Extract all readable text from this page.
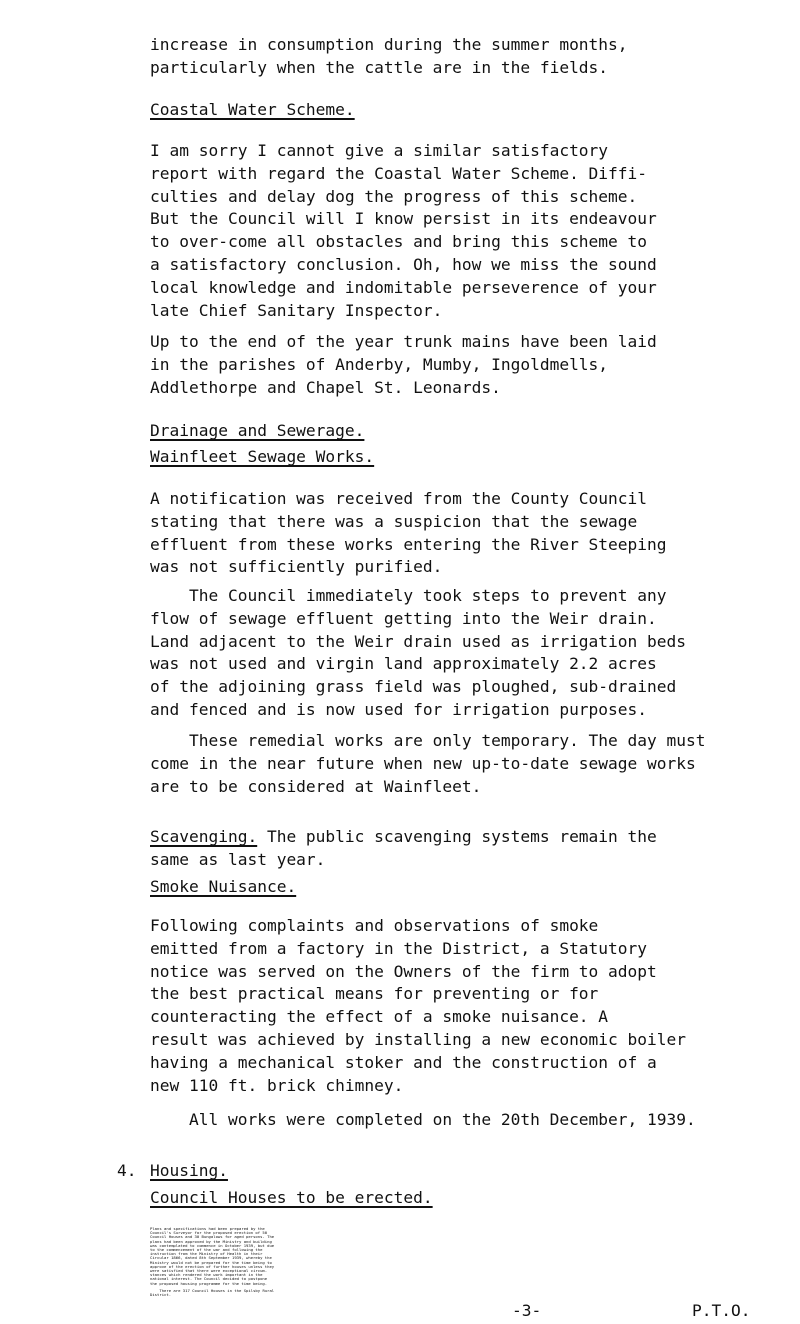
increase in consumption during the summer months,
particularly when the cattle are in the fields.

Coastal Water Scheme.

I am sorry I cannot give a similar satisfactory
report with regard the Coastal Water Scheme. Diffi-
culties and delay dog the progress of this scheme.
But the Council will I know persist in its endeavour
to over-come all obstacles and bring this scheme to
a satisfactory conclusion. Oh, how we miss the sound
local knowledge and indomitable perseverence of your
late Chief Sanitary Inspector.

Up to the end of the year trunk mains have been laid
in the parishes of Anderby, Mumby, Ingoldmells,
Addlethorpe and Chapel St. Leonards.

Drainage and Sewerage.

Wainfleet Sewage Works.

A notification was received from the County Council
stating that there was a suspicion that the sewage
effluent from these works entering the River Steeping
was not sufficiently purified.

The Council immediately took steps to prevent any
flow of sewage effluent getting into the Weir drain.
Land adjacent to the Weir drain used as irrigation beds
was not used and virgin land approximately 2.2 acres
of the adjoining grass field was ploughed, sub-drained
and fenced and is now used for irrigation purposes.

These remedial works are only temporary. The day must
come in the near future when new up-to-date sewage works
are to be considered at Wainfleet.

Scavenging. The public scavenging systems remain the
same as last year.

Smoke Nuisance.

Following complaints and observations of smoke
emitted from a factory in the District, a Statutory
notice was served on the Owners of the firm to adopt
the best practical means for preventing or for
counteracting the effect of a smoke nuisance. A
result was achieved by installing a new economic boiler
having a mechanical stoker and the construction of a
new 110 ft. brick chimney.

All works were completed on the 20th December, 1939.

4. Housing.

Council Houses to be erected.

Plans and specifications had been prepared by the
Council's Surveyor for the proposed erection of 50
Council Houses and 30 Bungalows for aged persons. The
plans had been approved by the Ministry and building
was contemplated to commence in October 1939, but due
to the commencement of the war and following the
instruction from the Ministry of Health in their
Circular 1866, dated 8th September 1939, whereby the
Ministry would not be prepared for the time being to
approve of the erection of further houses unless they
were satisfied that there were exceptional circum-
stances which rendered the work important in the
national interest. The Council decided to postpone
the proposed housing programme for the time being.

-3-	P.T.O.

There are 317 Council Houses in the Spilsby Rural
District.
